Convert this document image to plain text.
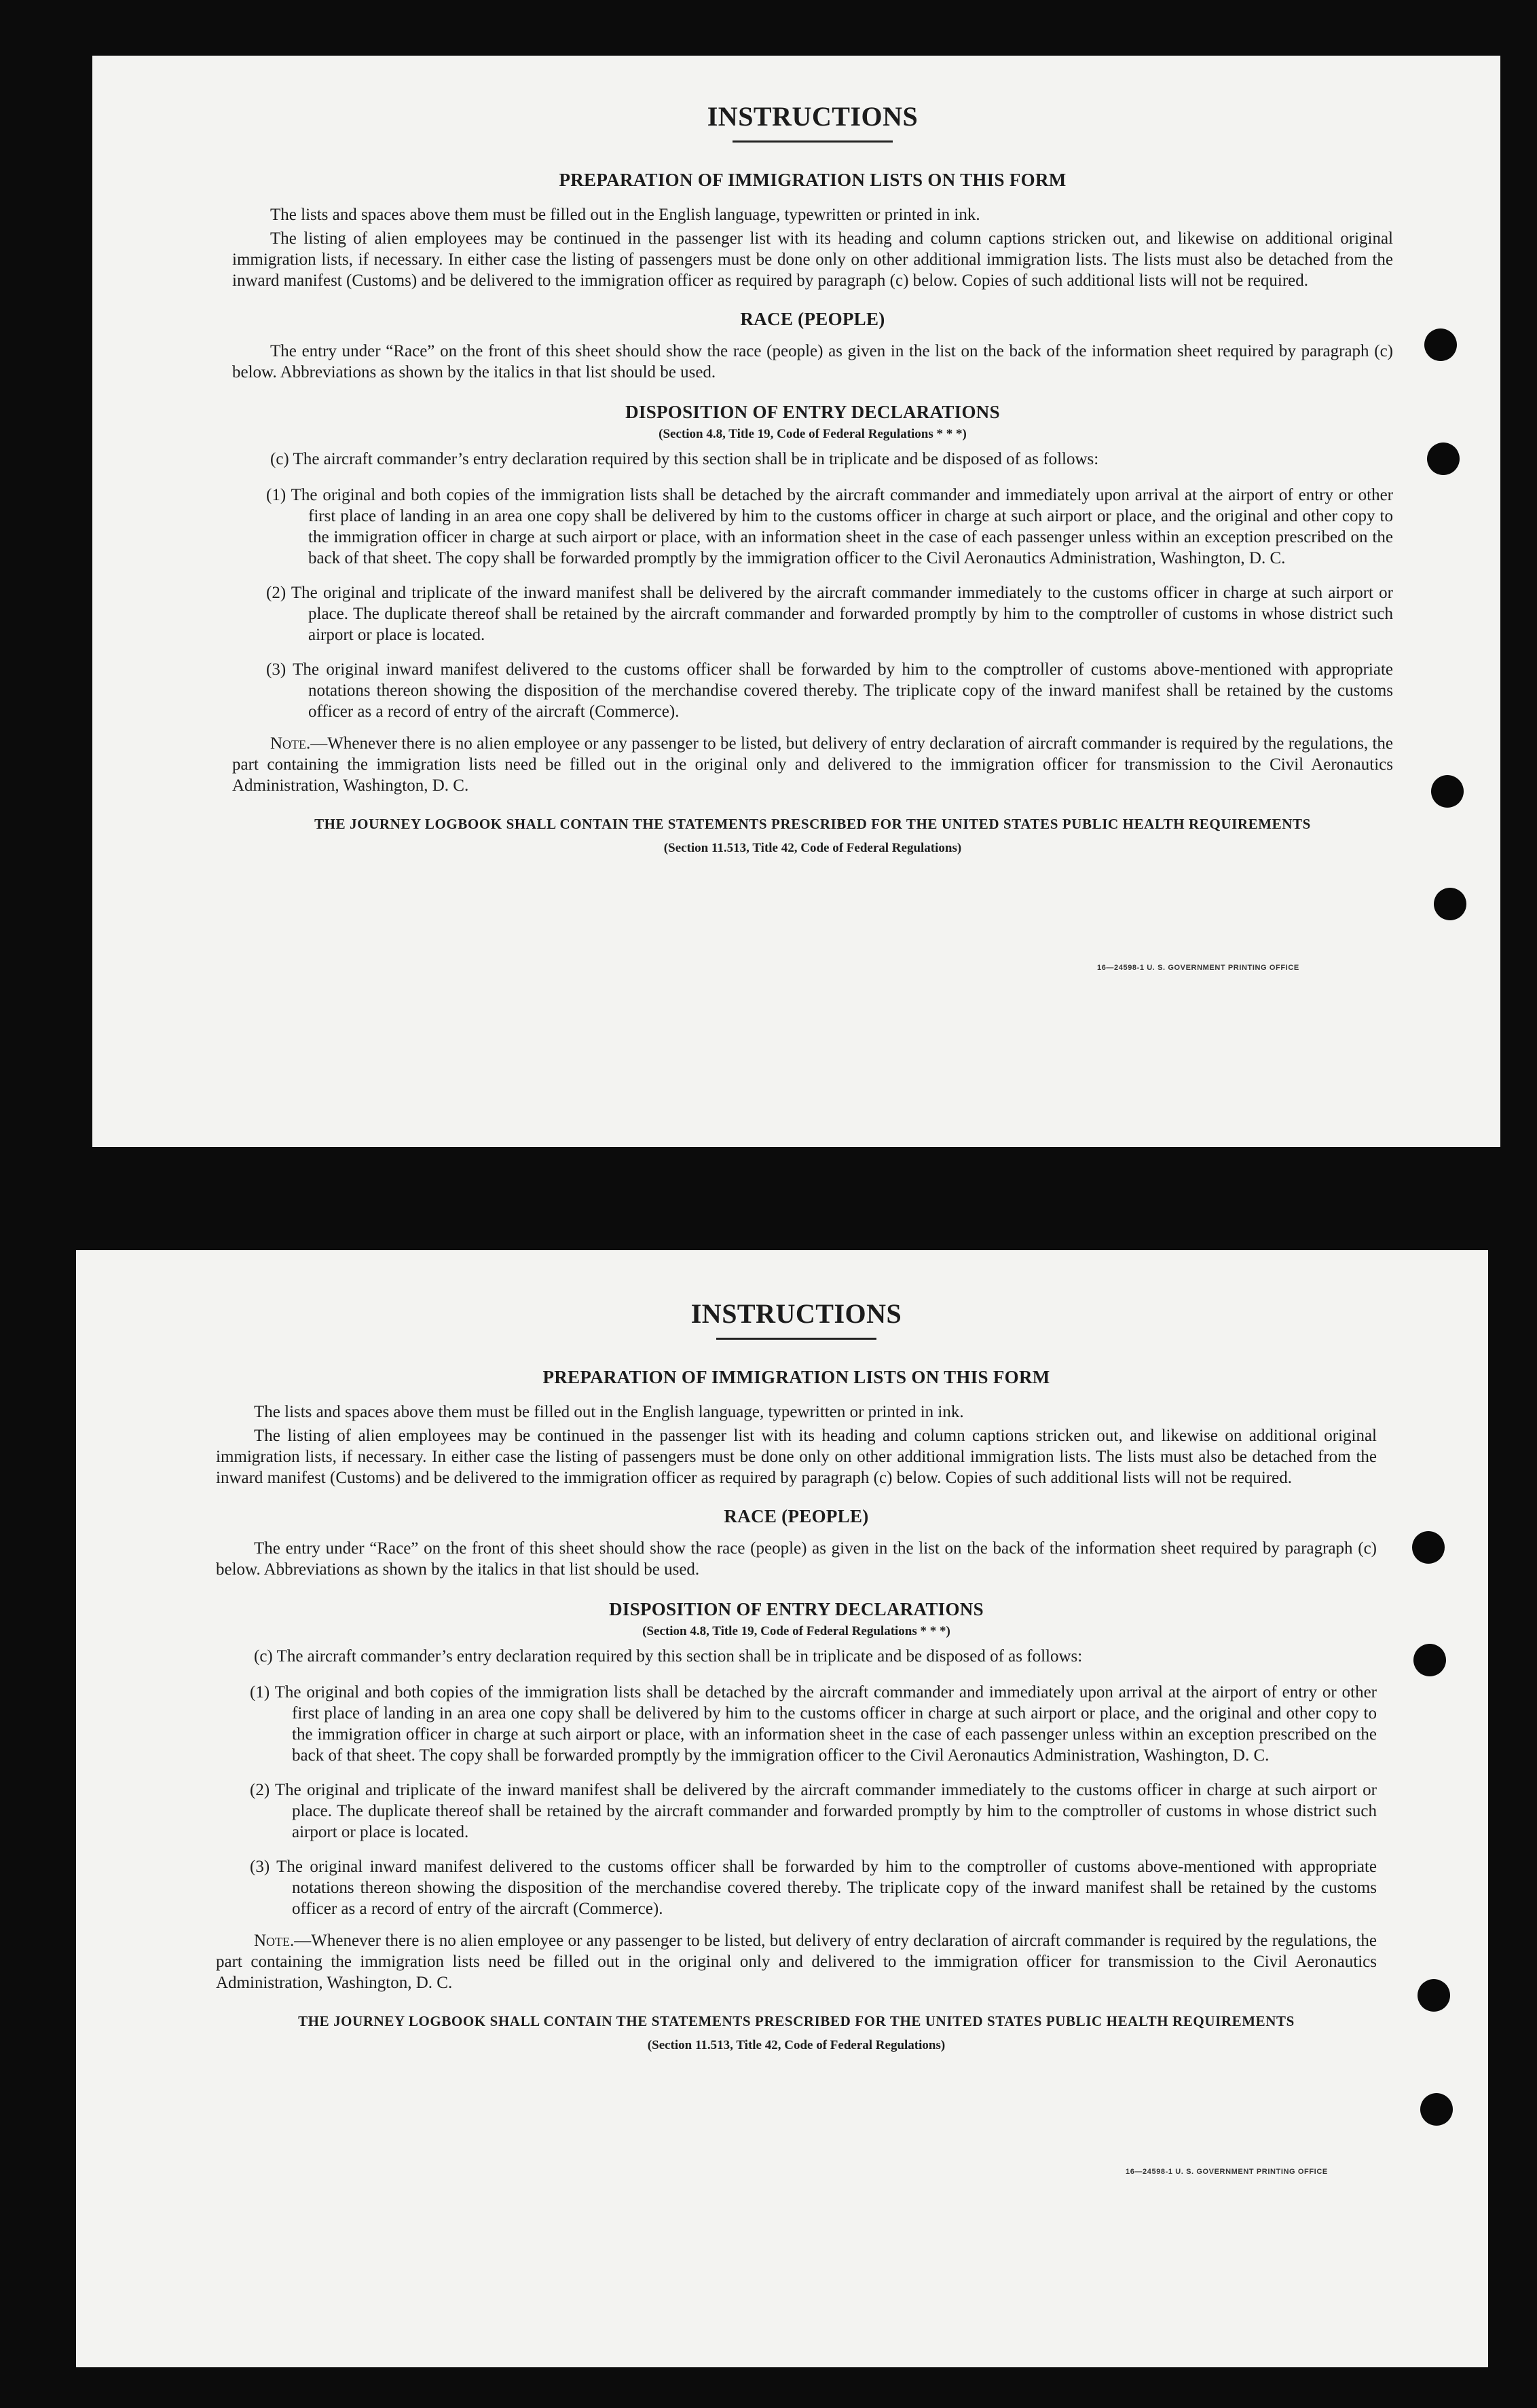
INSTRUCTIONS
PREPARATION OF IMMIGRATION LISTS ON THIS FORM

The lists and spaces above them must be filled out in the English language, typewritten or printed in ink.

The listing of alien employees may be continued in the passenger list with its heading and column captions stricken out, and likewise on additional original immigration lists, if necessary. In either case the listing of passengers must be done only on other additional immigration lists. The lists must also be detached from the inward manifest (Customs) and be delivered to the immigration officer as required by paragraph (c) below. Copies of such additional lists will not be required.

RACE (PEOPLE)

The entry under “Race” on the front of this sheet should show the race (people) as given in the list on the back of the information sheet required by paragraph (c) below. Abbreviations as shown by the italics in that list should be used.

DISPOSITION OF ENTRY DECLARATIONS
(Section 4.8, Title 19, Code of Federal Regulations * * *)

(c) The aircraft commander’s entry declaration required by this section shall be in triplicate and be disposed of as follows:

(1) The original and both copies of the immigration lists shall be detached by the aircraft commander and immediately upon arrival at the airport of entry or other first place of landing in an area one copy shall be delivered by him to the customs officer in charge at such airport or place, and the original and other copy to the immigration officer in charge at such airport or place, with an information sheet in the case of each passenger unless within an exception prescribed on the back of that sheet. The copy shall be forwarded promptly by the immigration officer to the Civil Aeronautics Administration, Washington, D. C.

(2) The original and triplicate of the inward manifest shall be delivered by the aircraft commander immediately to the customs officer in charge at such airport or place. The duplicate thereof shall be retained by the aircraft commander and forwarded promptly by him to the comptroller of customs in whose district such airport or place is located.

(3) The original inward manifest delivered to the customs officer shall be forwarded by him to the comptroller of customs above-mentioned with appropriate notations thereon showing the disposition of the merchandise covered thereby. The triplicate copy of the inward manifest shall be retained by the customs officer as a record of entry of the aircraft (Commerce).

Note.—Whenever there is no alien employee or any passenger to be listed, but delivery of entry declaration of aircraft commander is required by the regulations, the part containing the immigration lists need be filled out in the original only and delivered to the immigration officer for transmission to the Civil Aeronautics Administration, Washington, D. C.

THE JOURNEY LOGBOOK SHALL CONTAIN THE STATEMENTS PRESCRIBED FOR THE UNITED STATES PUBLIC HEALTH REQUIREMENTS

(Section 11.513, Title 42, Code of Federal Regulations)

16—24598-1 U. S. GOVERNMENT PRINTING OFFICE
INSTRUCTIONS
PREPARATION OF IMMIGRATION LISTS ON THIS FORM

The lists and spaces above them must be filled out in the English language, typewritten or printed in ink.

The listing of alien employees may be continued in the passenger list with its heading and column captions stricken out, and likewise on additional original immigration lists, if necessary. In either case the listing of passengers must be done only on other additional immigration lists. The lists must also be detached from the inward manifest (Customs) and be delivered to the immigration officer as required by paragraph (c) below. Copies of such additional lists will not be required.

RACE (PEOPLE)

The entry under “Race” on the front of this sheet should show the race (people) as given in the list on the back of the information sheet required by paragraph (c) below. Abbreviations as shown by the italics in that list should be used.

DISPOSITION OF ENTRY DECLARATIONS
(Section 4.8, Title 19, Code of Federal Regulations * * *)

(c) The aircraft commander’s entry declaration required by this section shall be in triplicate and be disposed of as follows:

(1) The original and both copies of the immigration lists shall be detached by the aircraft commander and immediately upon arrival at the airport of entry or other first place of landing in an area one copy shall be delivered by him to the customs officer in charge at such airport or place, and the original and other copy to the immigration officer in charge at such airport or place, with an information sheet in the case of each passenger unless within an exception prescribed on the back of that sheet. The copy shall be forwarded promptly by the immigration officer to the Civil Aeronautics Administration, Washington, D. C.

(2) The original and triplicate of the inward manifest shall be delivered by the aircraft commander immediately to the customs officer in charge at such airport or place. The duplicate thereof shall be retained by the aircraft commander and forwarded promptly by him to the comptroller of customs in whose district such airport or place is located.

(3) The original inward manifest delivered to the customs officer shall be forwarded by him to the comptroller of customs above-mentioned with appropriate notations thereon showing the disposition of the merchandise covered thereby. The triplicate copy of the inward manifest shall be retained by the customs officer as a record of entry of the aircraft (Commerce).

Note.—Whenever there is no alien employee or any passenger to be listed, but delivery of entry declaration of aircraft commander is required by the regulations, the part containing the immigration lists need be filled out in the original only and delivered to the immigration officer for transmission to the Civil Aeronautics Administration, Washington, D. C.

THE JOURNEY LOGBOOK SHALL CONTAIN THE STATEMENTS PRESCRIBED FOR THE UNITED STATES PUBLIC HEALTH REQUIREMENTS

(Section 11.513, Title 42, Code of Federal Regulations)

16—24598-1 U. S. GOVERNMENT PRINTING OFFICE
